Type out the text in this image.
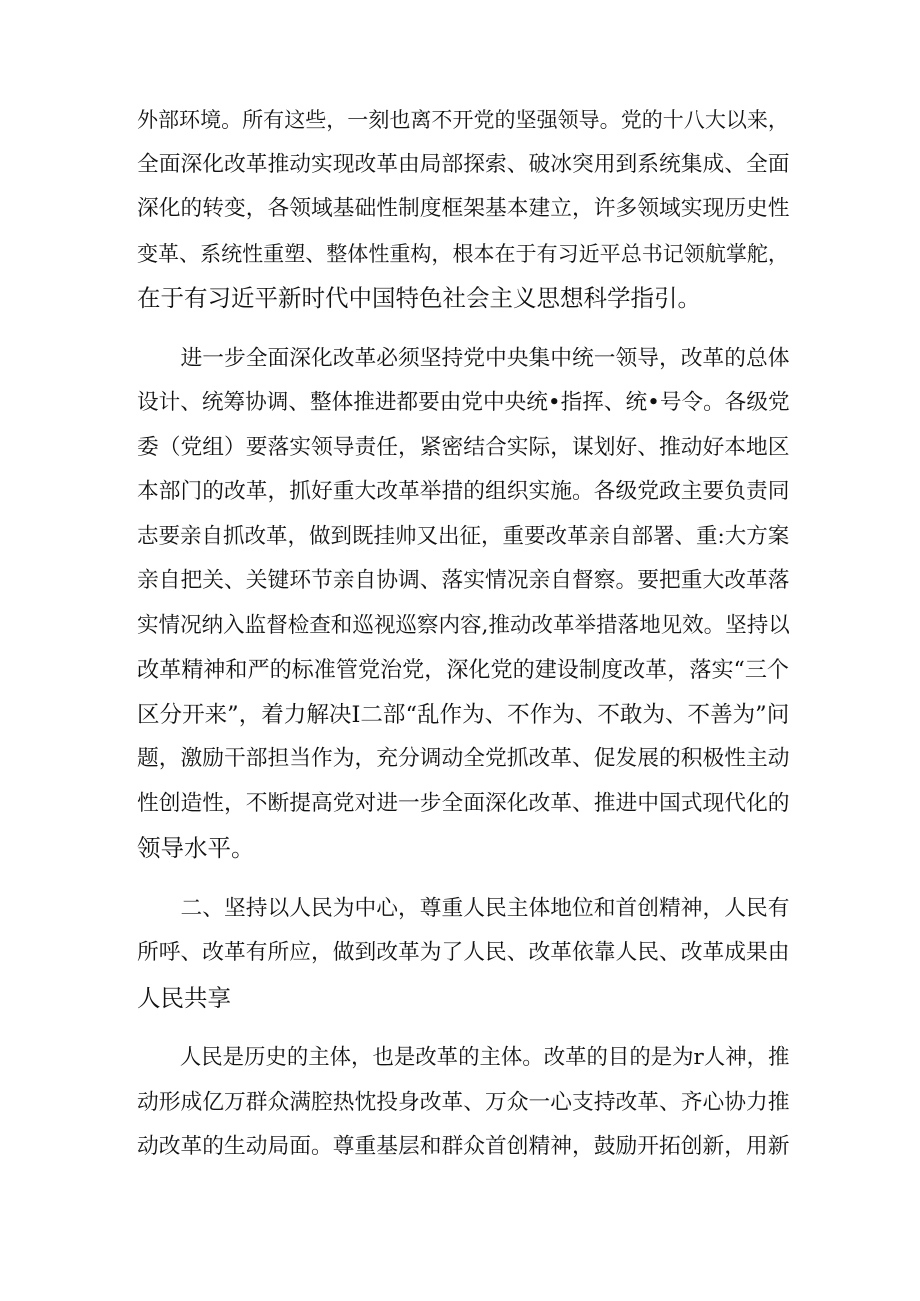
外部环境。所有这些，一刻也离不开党的坚强领导。党的十八大以来，
全面深化改革推动实现改革由局部探索、破冰突用到系统集成、全面
深化的转变，各领域基础性制度框架基本建立，许多领域实现历史性
变革、系统性重塑、整体性重构，根本在于有习近平总书记领航掌舵，
在于有习近平新时代中国特色社会主义思想科学指引。
　　进一步全面深化改革必须坚持党中央集中统一领导，改革的总体
设计、统筹协调、整体推进都要由党中央统•指挥、统•号令。各级党
委（党组）要落实领导责任，紧密结合实际，谋划好、推动好本地区
本部门的改革，抓好重大改革举措的组织实施。各级党政主要负责同
志要亲自抓改革，做到既挂帅又出征，重要改革亲自部署、重:大方案
亲自把关、关键环节亲自协调、落实情况亲自督察。要把重大改革落
实情况纳入监督检查和巡视巡察内容,推动改革举措落地见效。坚持以
改革精神和严的标准管党治党，深化党的建设制度改革，落实“三个
区分开来”，着力解决I二部“乱作为、不作为、不敢为、不善为”问
题，激励干部担当作为，充分调动全党抓改革、促发展的积极性主动
性创造性，不断提高党对进一步全面深化改革、推进中国式现代化的
领导水平。
　　二、坚持以人民为中心，尊重人民主体地位和首创精神，人民有
所呼、改革有所应，做到改革为了人民、改革依靠人民、改革成果由
人民共享
　　人民是历史的主体，也是改革的主体。改革的目的是为r人神，推
动形成亿万群众满腔热忱投身改革、万众一心支持改革、齐心协力推
动改革的生动局面。尊重基层和群众首创精神，鼓励开拓创新，用新
